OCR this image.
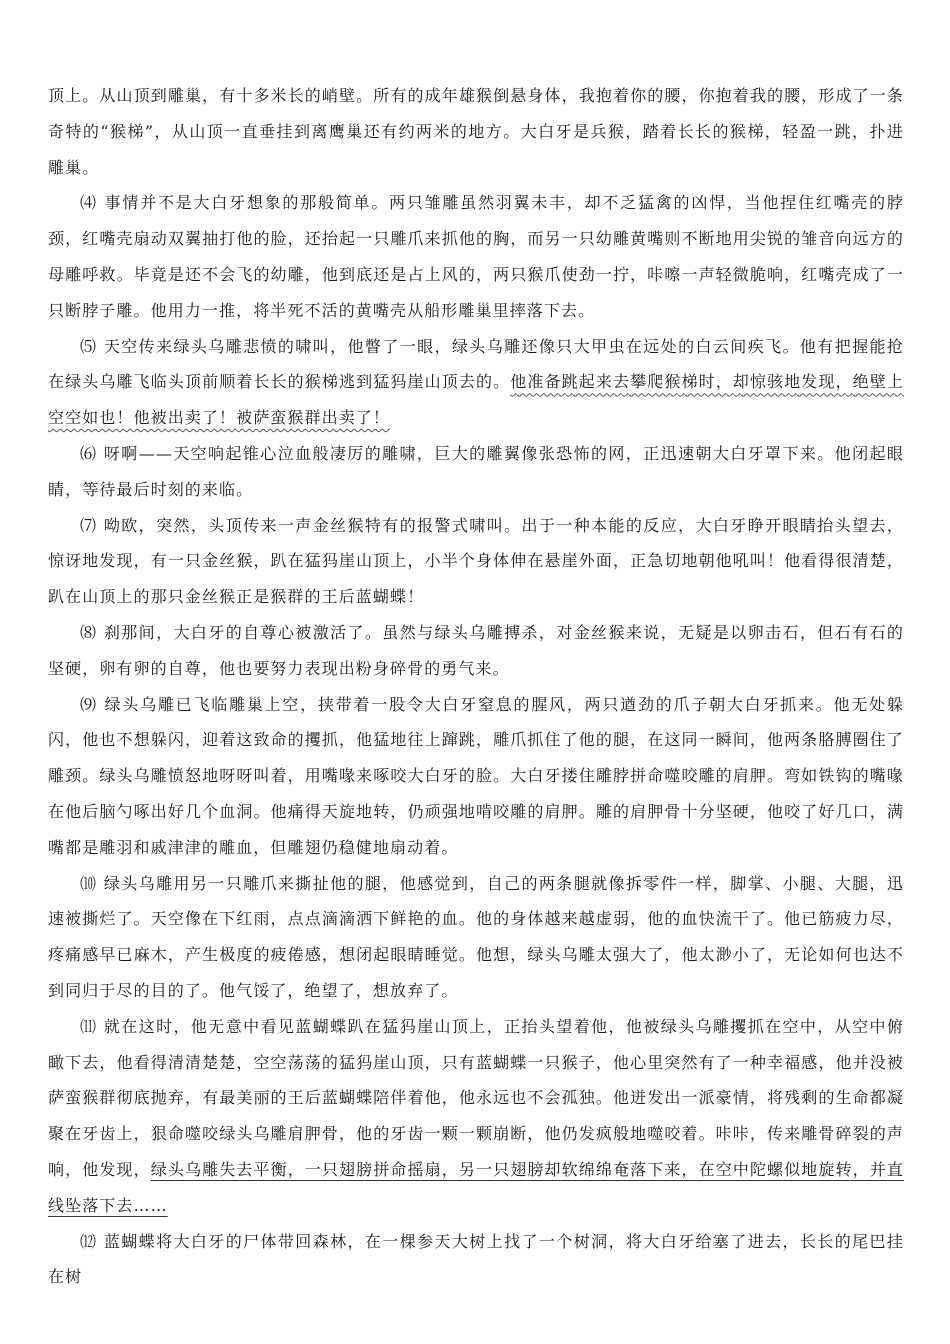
顶上。从山顶到雕巢，有十多米长的峭壁。所有的成年雄猴倒悬身体，我抱着你的腰，你抱着我的腰，形成了一条奇特的“猴梯”，从山顶一直垂挂到离鹰巢还有约两米的地方。大白牙是兵猴，踏着长长的猴梯，轻盈一跳，扑进雕巢。

⑷ 事情并不是大白牙想象的那般简单。两只雏雕虽然羽翼未丰，却不乏猛禽的凶悍，当他捏住红嘴壳的脖颈，红嘴壳扇动双翼抽打他的脸，还抬起一只雕爪来抓他的胸，而另一只幼雕黄嘴则不断地用尖锐的雏音向远方的母雕呼救。毕竟是还不会飞的幼雕，他到底还是占上风的，两只猴爪使劲一拧，咔嚓一声轻微脆响，红嘴壳成了一只断脖子雕。他用力一推，将半死不活的黄嘴壳从船形雕巢里摔落下去。

⑸ 天空传来绿头乌雕悲愤的啸叫，他瞥了一眼，绿头乌雕还像只大甲虫在远处的白云间疾飞。他有把握能抢在绿头乌雕飞临头顶前顺着长长的猴梯逃到猛犸崖山顶去的。他准备跳起来去攀爬猴梯时，却惊骇地发现，绝壁上空空如也！他被出卖了！被萨蛮猴群出卖了！

⑹ 呀啊——天空响起锥心泣血般凄厉的雕啸，巨大的雕翼像张恐怖的网，正迅速朝大白牙罩下来。他闭起眼睛，等待最后时刻的来临。

⑺ 呦欧，突然，头顶传来一声金丝猴特有的报警式啸叫。出于一种本能的反应，大白牙睁开眼睛抬头望去，惊讶地发现，有一只金丝猴，趴在猛犸崖山顶上，小半个身体伸在悬崖外面，正急切地朝他吼叫！他看得很清楚，趴在山顶上的那只金丝猴正是猴群的王后蓝蝴蝶！

⑻ 刹那间，大白牙的自尊心被激活了。虽然与绿头乌雕搏杀，对金丝猴来说，无疑是以卵击石，但石有石的坚硬，卵有卵的自尊，他也要努力表现出粉身碎骨的勇气来。

⑼ 绿头乌雕已飞临雕巢上空，挟带着一股令大白牙窒息的腥风，两只遒劲的爪子朝大白牙抓来。他无处躲闪，他也不想躲闪，迎着这致命的攫抓，他猛地往上蹿跳，雕爪抓住了他的腿，在这同一瞬间，他两条胳膊圈住了雕颈。绿头乌雕愤怒地呀呀叫着，用嘴喙来啄咬大白牙的脸。大白牙搂住雕脖拼命噬咬雕的肩胛。弯如铁钩的嘴喙在他后脑勺啄出好几个血洞。他痛得天旋地转，仍顽强地啃咬雕的肩胛。雕的肩胛骨十分坚硬，他咬了好几口，满嘴都是雕羽和戚津津的雕血，但雕翅仍稳健地扇动着。

⑽ 绿头乌雕用另一只雕爪来撕扯他的腿，他感觉到，自己的两条腿就像拆零件一样，脚掌、小腿、大腿，迅速被撕烂了。天空像在下红雨，点点滴滴洒下鲜艳的血。他的身体越来越虚弱，他的血快流干了。他已筋疲力尽，疼痛感早已麻木，产生极度的疲倦感，想闭起眼睛睡觉。他想，绿头乌雕太强大了，他太渺小了，无论如何也达不到同归于尽的目的了。他气馁了，绝望了，想放弃了。

⑾ 就在这时，他无意中看见蓝蝴蝶趴在猛犸崖山顶上，正抬头望着他，他被绿头乌雕攫抓在空中，从空中俯瞰下去，他看得清清楚楚，空空荡荡的猛犸崖山顶，只有蓝蝴蝶一只猴子，他心里突然有了一种幸福感，他并没被萨蛮猴群彻底抛弃，有最美丽的王后蓝蝴蝶陪伴着他，他永远也不会孤独。他迸发出一派豪情，将残剩的生命都凝聚在牙齿上，狠命噬咬绿头乌雕肩胛骨，他的牙齿一颗一颗崩断，他仍发疯般地噬咬着。咔咔，传来雕骨碎裂的声响，他发现，绿头乌雕失去平衡，一只翅膀拼命摇扇，另一只翅膀却软绵绵奄落下来，在空中陀螺似地旋转，并直线坠落下去……

⑿ 蓝蝴蝶将大白牙的尸体带回森林，在一棵参天大树上找了一个树洞，将大白牙给塞了进去，长长的尾巴挂在树
